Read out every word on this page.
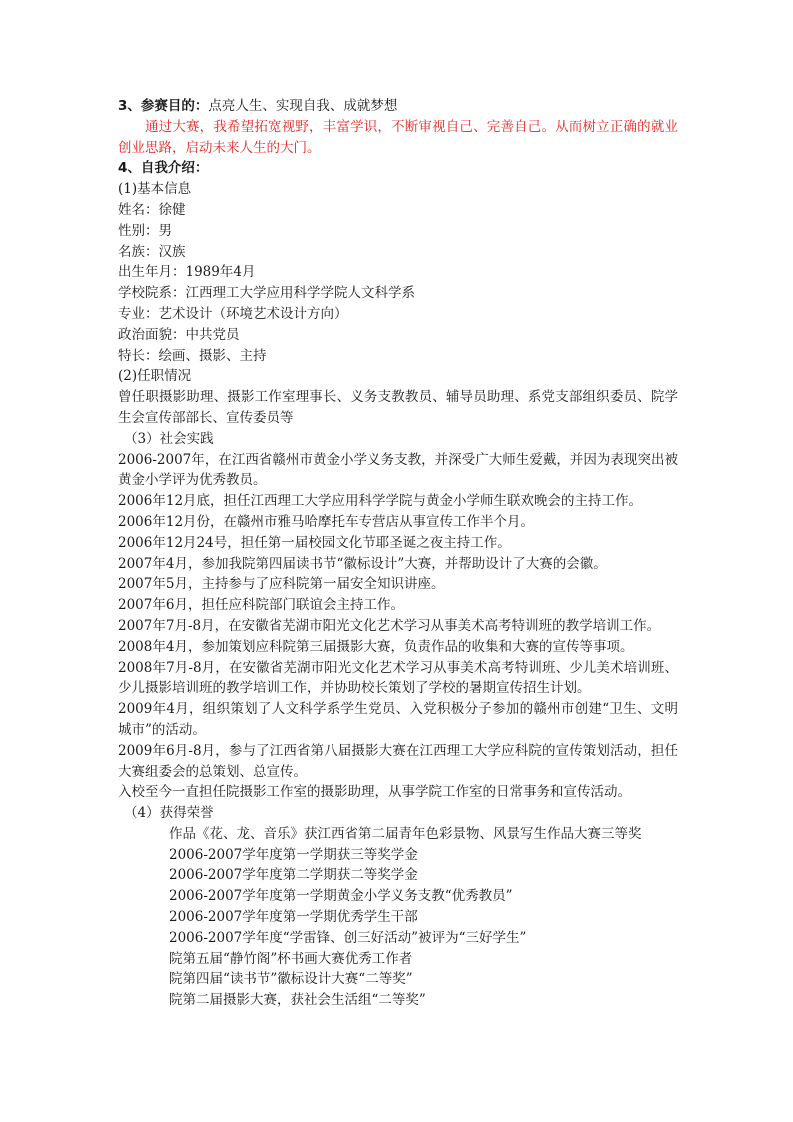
3、参赛目的：点亮人生、实现自我、成就梦想
通过大赛，我希望拓宽视野，丰富学识，不断审视自己、完善自己。从而树立正确的就业创业思路，启动未来人生的大门。
4、自我介绍：
(1)基本信息
姓名：徐健
性别：男
名族：汉族
出生年月：1989年4月
学校院系：江西理工大学应用科学学院人文科学系
专业：艺术设计（环境艺术设计方向）
政治面貌：中共党员
特长：绘画、摄影、主持
(2)任职情况
曾任职摄影助理、摄影工作室理事长、义务支教教员、辅导员助理、系党支部组织委员、院学生会宣传部部长、宣传委员等
（3）社会实践
2006-2007年，在江西省赣州市黄金小学义务支教，并深受广大师生爱戴，并因为表现突出被黄金小学评为优秀教员。
2006年12月底，担任江西理工大学应用科学学院与黄金小学师生联欢晚会的主持工作。
2006年12月份，在赣州市雅马哈摩托车专营店从事宣传工作半个月。
2006年12月24号，担任第一届校园文化节耶圣诞之夜主持工作。
2007年4月，参加我院第四届读书节“徽标设计”大赛，并帮助设计了大赛的会徽。
2007年5月，主持参与了应科院第一届安全知识讲座。
2007年6月，担任应科院部门联谊会主持工作。
2007年7月-8月，在安徽省芜湖市阳光文化艺术学习从事美术高考特训班的教学培训工作。
2008年4月，参加策划应科院第三届摄影大赛，负责作品的收集和大赛的宣传等事项。
2008年7月-8月，在安徽省芜湖市阳光文化艺术学习从事美术高考特训班、少儿美术培训班、少儿摄影培训班的教学培训工作，并协助校长策划了学校的暑期宣传招生计划。
2009年4月，组织策划了人文科学系学生党员、入党积极分子参加的赣州市创建“卫生、文明城市”的活动。
2009年6月-8月，参与了江西省第八届摄影大赛在江西理工大学应科院的宣传策划活动，担任大赛组委会的总策划、总宣传。
入校至今一直担任院摄影工作室的摄影助理，从事学院工作室的日常事务和宣传活动。
（4）获得荣誉
作品《花、龙、音乐》获江西省第二届青年色彩景物、风景写生作品大赛三等奖
2006-2007学年度第一学期获三等奖学金
2006-2007学年度第二学期获二等奖学金
2006-2007学年度第一学期黄金小学义务支教“优秀教员”
2006-2007学年度第一学期优秀学生干部
2006-2007学年度“学雷锋、创三好活动”被评为“三好学生”
院第五届“静竹阁”杯书画大赛优秀工作者
院第四届“读书节”徽标设计大赛“二等奖”
院第二届摄影大赛，获社会生活组“二等奖”
